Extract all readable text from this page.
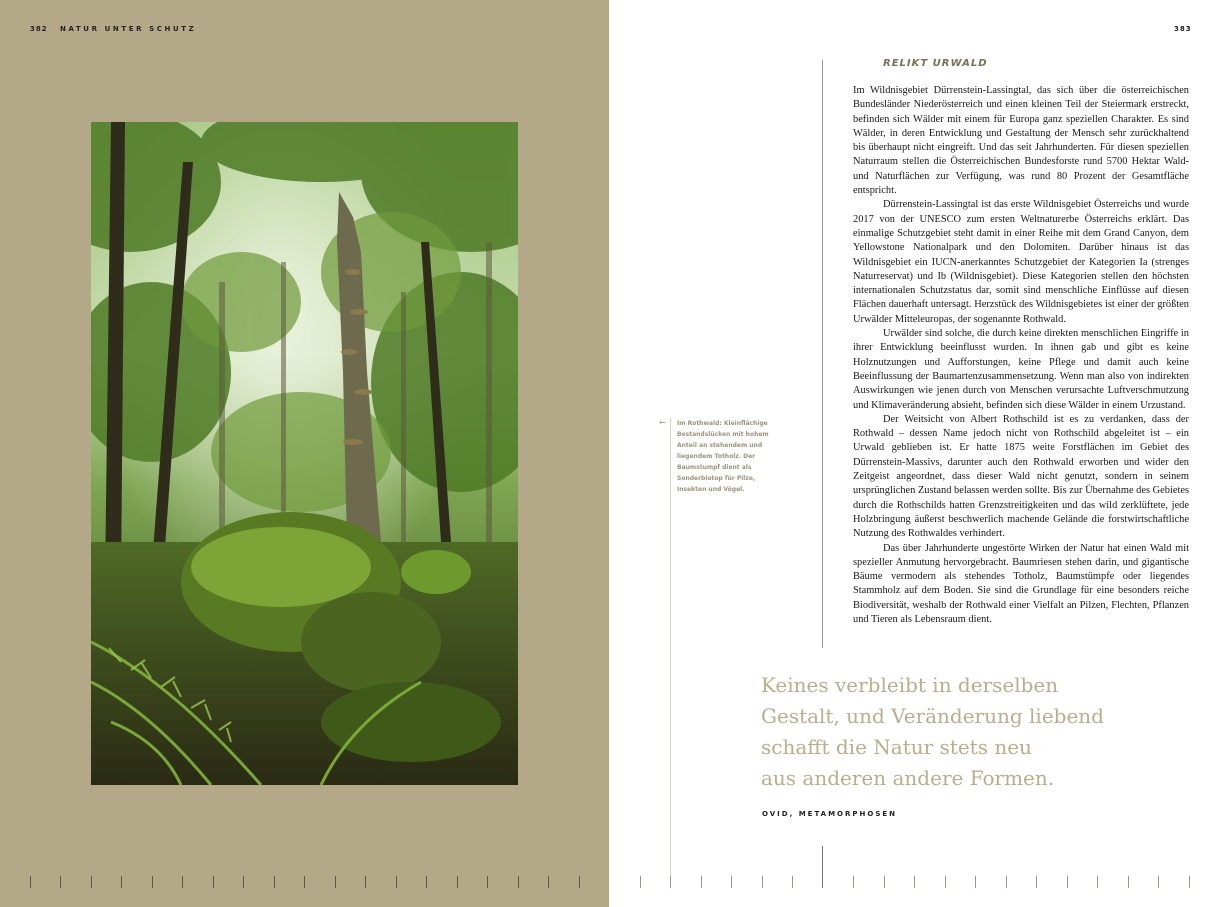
382 NATUR UNTER SCHUTZ	383
RELIKT URWALD

Im Wildnisgebiet Dürrenstein-Lassingtal, das sich über die österreichischen Bundesländer Niederösterreich und einen kleinen Teil der Steiermark erstreckt, befinden sich Wälder mit einem für Europa ganz speziellen Charakter. Es sind Wälder, in deren Entwicklung und Gestaltung der Mensch sehr zurückhaltend bis überhaupt nicht eingreift. Und das seit Jahrhunderten. Für diesen speziellen Naturraum stellen die Österreichischen Bundesforste rund 5700 Hektar Wald- und Naturflächen zur Verfügung, was rund 80 Prozent der Gesamtfläche entspricht.

Dürrenstein-Lassingtal ist das erste Wildnisgebiet Österreichs und wurde 2017 von der UNESCO zum ersten Weltnaturerbe Österreichs erklärt. Das einmalige Schutzgebiet steht damit in einer Reihe mit dem Grand Canyon, dem Yellowstone Nationalpark und den Dolomiten. Darüber hinaus ist das Wildnisgebiet ein IUCN-anerkanntes Schutzgebiet der Kategorien Ia (strenges Naturreservat) und Ib (Wildnisgebiet). Diese Kategorien stellen den höchsten internationalen Schutzstatus dar, somit sind menschliche Einflüsse auf diesen Flächen dauerhaft untersagt. Herzstück des Wildnisgebietes ist einer der größten Urwälder Mitteleuropas, der sogenannte Rothwald.

Urwälder sind solche, die durch keine direkten menschlichen Eingriffe in ihrer Entwicklung beeinflusst wurden. In ihnen gab und gibt es keine Holznutzungen und Aufforstungen, keine Pflege und damit auch keine Beeinflussung der Baumartenzusammensetzung. Wenn man also von indirekten Auswirkungen wie jenen durch von Menschen verursachte Luftverschmutzung und Klimaveränderung absieht, befinden sich diese Wälder in einem Urzustand.

Der Weitsicht von Albert Rothschild ist es zu verdanken, dass der Rothwald – dessen Name jedoch nicht von Rothschild abgeleitet ist – ein Urwald geblieben ist. Er hatte 1875 weite Forstflächen im Gebiet des Dürrenstein-Massivs, darunter auch den Rothwald erworben und wider den Zeitgeist angeordnet, dass dieser Wald nicht genutzt, sondern in seinem ursprünglichen Zustand belassen werden sollte. Bis zur Übernahme des Gebietes durch die Rothschilds hatten Grenzstreitigkeiten und das wild zerklüftete, jede Holzbringung äußerst beschwerlich machende Gelände die forstwirtschaftliche Nutzung des Rothwaldes verhindert.

Das über Jahrhunderte ungestörte Wirken der Natur hat einen Wald mit spezieller Anmutung hervorgebracht. Baumriesen stehen darin, und gigantische Bäume vermodern als stehendes Totholz, Baumstümpfe oder liegendes Stammholz auf dem Boden. Sie sind die Grundlage für eine besonders reiche Biodiversität, weshalb der Rothwald einer Vielfalt an Pilzen, Flechten, Pflanzen und Tieren als Lebensraum dient.

← Im Rothwald: Kleinflächige Bestandslücken mit hohem Anteil an stehendem und liegendem Totholz. Der Baumstumpf dient als Sonderbiotop für Pilze, Insekten und Vögel.
Keines verbleibt in derselben
Gestalt, und Veränderung liebend
schafft die Natur stets neu
aus anderen andere Formen.
OVID, METAMORPHOSEN
